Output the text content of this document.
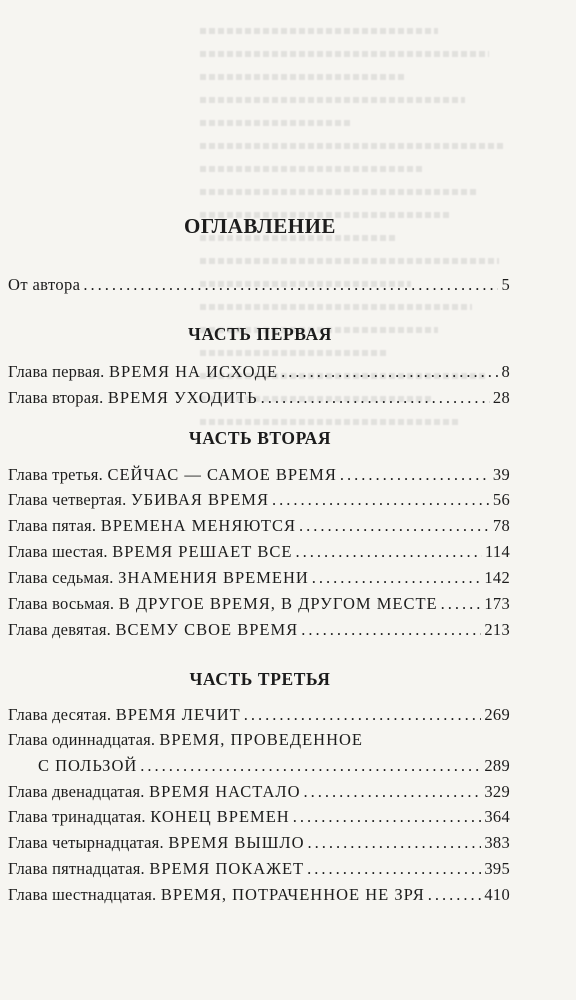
ОГЛАВЛЕНИЕ
От автора .....	5
ЧАСТЬ ПЕРВАЯ
Глава первая. ВРЕМЯ НА ИСХОДЕ .....	8
Глава вторая. ВРЕМЯ УХОДИТЬ .....	28
ЧАСТЬ ВТОРАЯ
Глава третья. СЕЙЧАС — САМОЕ ВРЕМЯ .....	39
Глава четвертая. УБИВАЯ ВРЕМЯ .....	56
Глава пятая. ВРЕМЕНА МЕНЯЮТСЯ .....	78
Глава шестая. ВРЕМЯ РЕШАЕТ ВСЕ .....	114
Глава седьмая. ЗНАМЕНИЯ ВРЕМЕНИ .....	142
Глава восьмая. В ДРУГОЕ ВРЕМЯ, В ДРУГОМ МЕСТЕ .....	173
Глава девятая. ВСЕМУ СВОЕ ВРЕМЯ .....	213
ЧАСТЬ ТРЕТЬЯ
Глава десятая. ВРЕМЯ ЛЕЧИТ .....	269
Глава одиннадцатая. ВРЕМЯ, ПРОВЕДЕННОЕ
С ПОЛЬЗОЙ .....	289
Глава двенадцатая. ВРЕМЯ НАСТАЛО .....	329
Глава тринадцатая. КОНЕЦ ВРЕМЕН .....	364
Глава четырнадцатая. ВРЕМЯ ВЫШЛО .....	383
Глава пятнадцатая. ВРЕМЯ ПОКАЖЕТ .....	395
Глава шестнадцатая. ВРЕМЯ, ПОТРАЧЕННОЕ НЕ ЗРЯ .....	410
